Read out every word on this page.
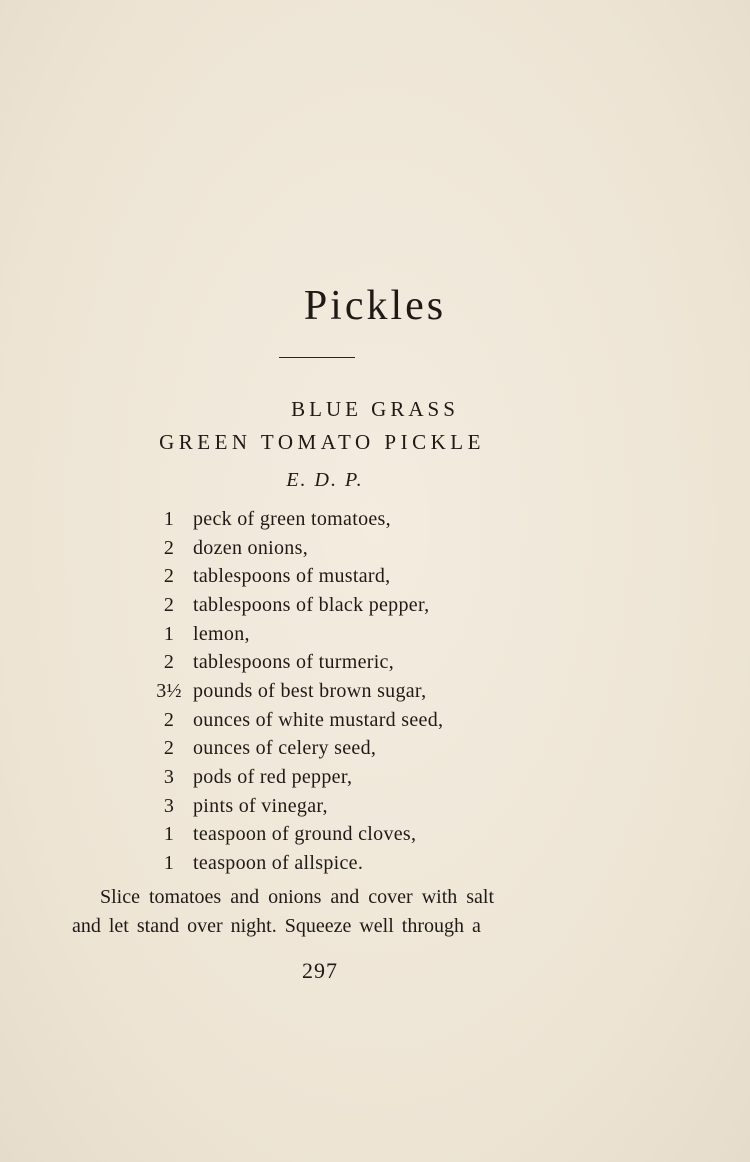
Pickles
BLUE GRASS
GREEN TOMATO PICKLE
E. D. P.
1 peck of green tomatoes,
2 dozen onions,
2 tablespoons of mustard,
2 tablespoons of black pepper,
1 lemon,
2 tablespoons of turmeric,
3½ pounds of best brown sugar,
2 ounces of white mustard seed,
2 ounces of celery seed,
3 pods of red pepper,
3 pints of vinegar,
1 teaspoon of ground cloves,
1 teaspoon of allspice.
Slice tomatoes and onions and cover with salt
and let stand over night. Squeeze well through a
297
